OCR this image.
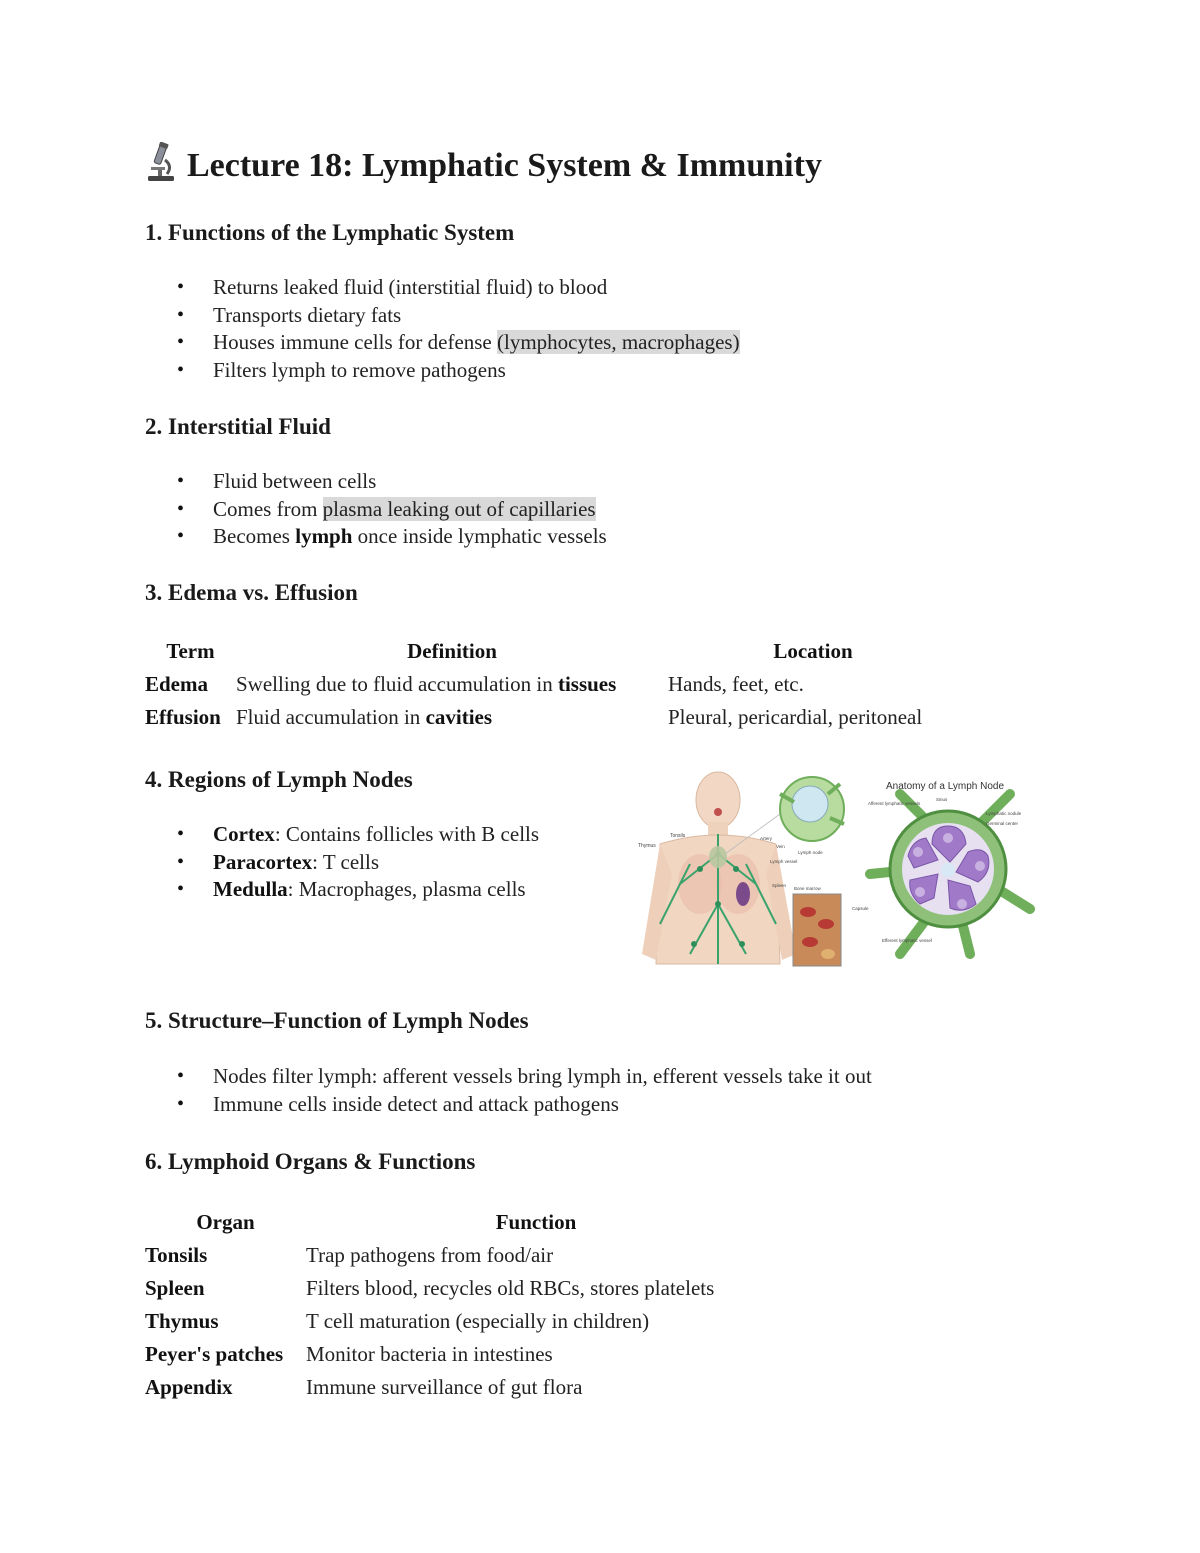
Lecture 18: Lymphatic System & Immunity
1. Functions of the Lymphatic System
• Returns leaked fluid (interstitial fluid) to blood
• Transports dietary fats
• Houses immune cells for defense (lymphocytes, macrophages)
• Filters lymph to remove pathogens
2. Interstitial Fluid
• Fluid between cells
• Comes from plasma leaking out of capillaries
• Becomes lymph once inside lymphatic vessels
3. Edema vs. Effusion
Term	Definition	Location
Edema	Swelling due to fluid accumulation in tissues	Hands, feet, etc.
Effusion	Fluid accumulation in cavities	Pleural, pericardial, peritoneal
4. Regions of Lymph Nodes
• Cortex: Contains follicles with B cells
• Paracortex: T cells
• Medulla: Macrophages, plasma cells
Anatomy of a Lymph Node
Tonsils
Thymus
Artery
Vein
Lymph node
Lymph vessel
Spleen
Bone marrow
Afferent lymphatic vessels
Sinus
Lymphatic nodule
Germinal center
Capsule
Efferent lymphatic vessel
5. Structure–Function of Lymph Nodes
• Nodes filter lymph: afferent vessels bring lymph in, efferent vessels take it out
• Immune cells inside detect and attack pathogens
6. Lymphoid Organs & Functions
Organ	Function
Tonsils	Trap pathogens from food/air
Spleen	Filters blood, recycles old RBCs, stores platelets
Thymus	T cell maturation (especially in children)
Peyer's patches	Monitor bacteria in intestines
Appendix	Immune surveillance of gut flora
